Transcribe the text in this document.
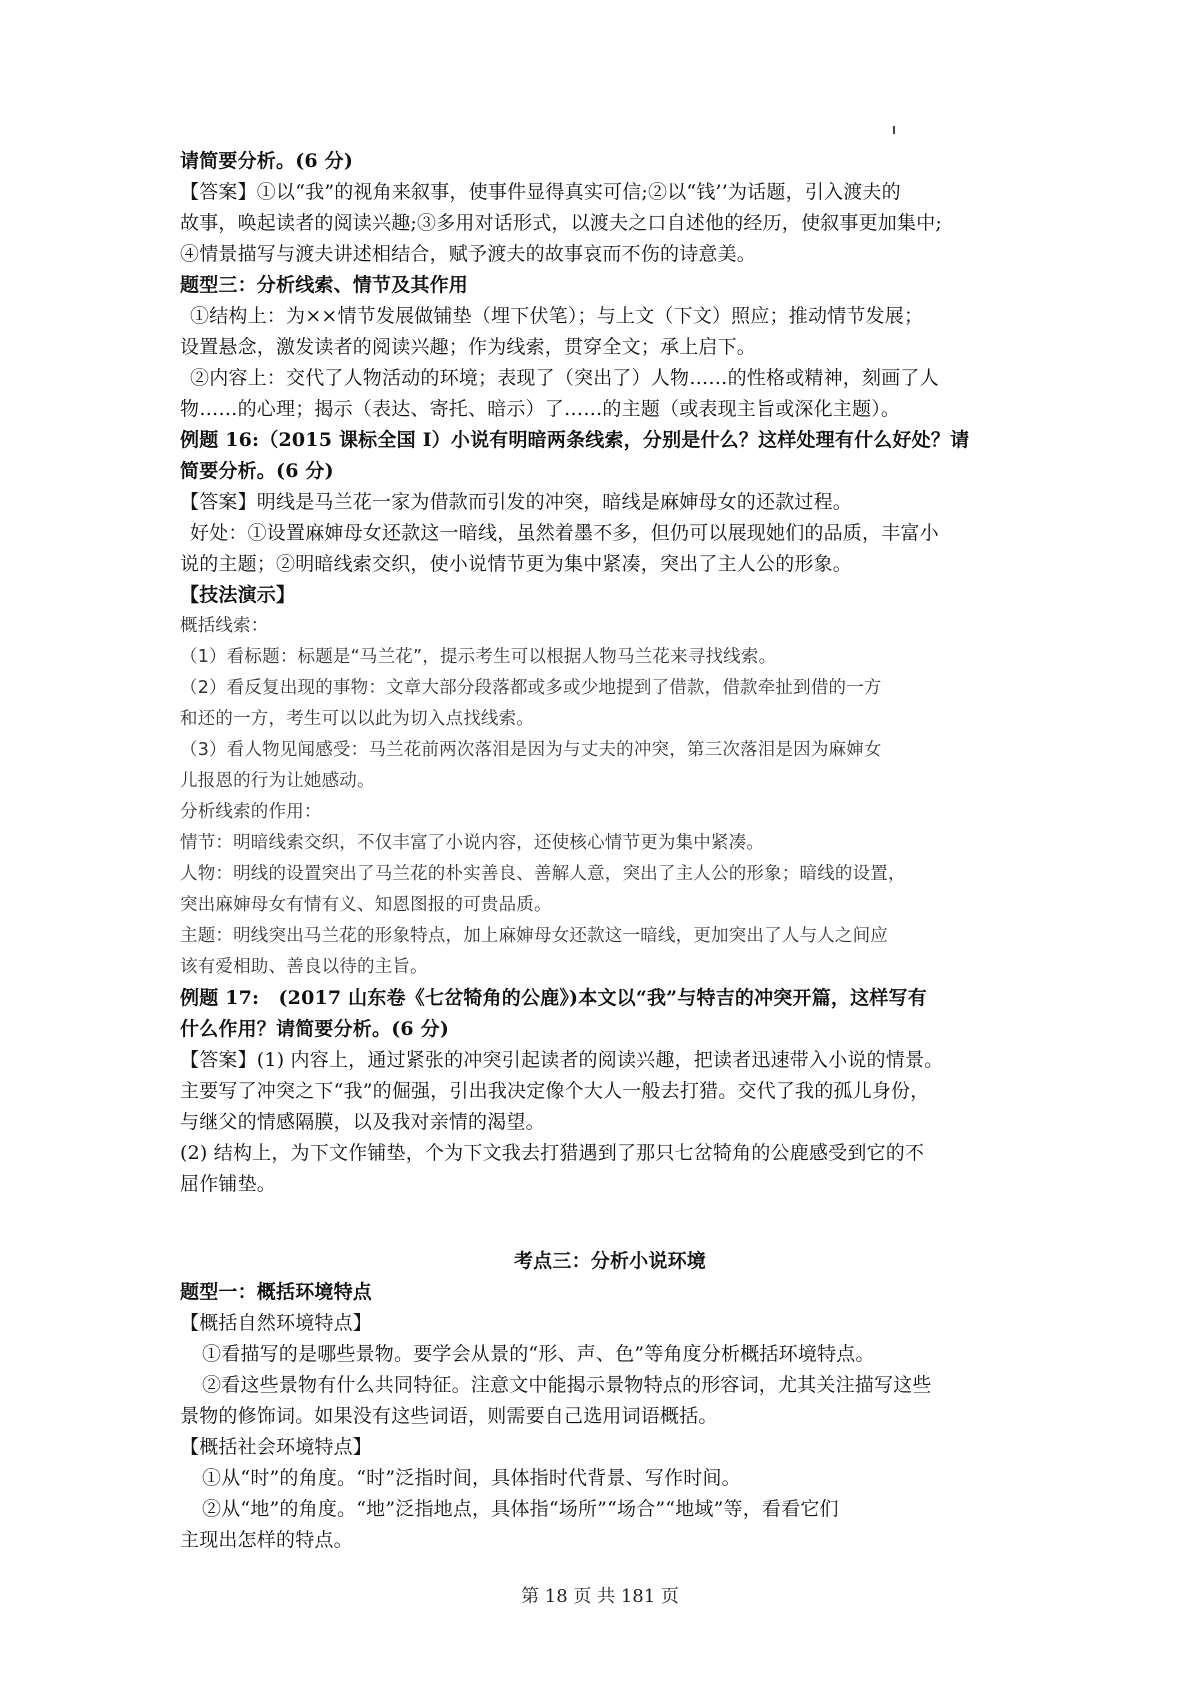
请简要分析。(6 分)
【答案】①以“我”的视角来叙事，使事件显得真实可信;②以“钱’’为话题，引入渡夫的
故事，唤起读者的阅读兴趣;③多用对话形式，以渡夫之口自述他的经历，使叙事更加集中;
④情景描写与渡夫讲述相结合，赋予渡夫的故事哀而不伤的诗意美。
题型三：分析线索、情节及其作用
①结构上：为××情节发展做铺垫（埋下伏笔）；与上文（下文）照应；推动情节发展；
设置悬念，激发读者的阅读兴趣；作为线索，贯穿全文；承上启下。
②内容上：交代了人物活动的环境；表现了（突出了）人物……的性格或精神，刻画了人
物……的心理；揭示（表达、寄托、暗示）了……的主题（或表现主旨或深化主题）。
例题 16:（2015 课标全国 I）小说有明暗两条线索，分别是什么？这样处理有什么好处？请
简要分析。(6 分)
【答案】明线是马兰花一家为借款而引发的冲突，暗线是麻婶母女的还款过程。
好处：①设置麻婶母女还款这一暗线，虽然着墨不多，但仍可以展现她们的品质，丰富小
说的主题；②明暗线索交织，使小说情节更为集中紧凑，突出了主人公的形象。
【技法演示】
概括线索：
（1）看标题：标题是“马兰花”，提示考生可以根据人物马兰花来寻找线索。
（2）看反复出现的事物：文章大部分段落都或多或少地提到了借款，借款牵扯到借的一方
和还的一方，考生可以以此为切入点找线索。
（3）看人物见闻感受：马兰花前两次落泪是因为与丈夫的冲突，第三次落泪是因为麻婶女
儿报恩的行为让她感动。
分析线索的作用：
情节：明暗线索交织，不仅丰富了小说内容，还使核心情节更为集中紧凑。
人物：明线的设置突出了马兰花的朴实善良、善解人意，突出了主人公的形象；暗线的设置，
突出麻婶母女有情有义、知恩图报的可贵品质。
主题：明线突出马兰花的形象特点，加上麻婶母女还款这一暗线，更加突出了人与人之间应
该有爱相助、善良以待的主旨。
例题 17:　(2017 山东卷《七岔犄角的公鹿》)本文以“我”与特吉的冲突开篇，这样写有
什么作用？请简要分析。(6 分)
【答案】(1) 内容上，通过紧张的冲突引起读者的阅读兴趣，把读者迅速带入小说的情景。
主要写了冲突之下“我”的倔强，引出我决定像个大人一般去打猎。交代了我的孤儿身份，
与继父的情感隔膜，以及我对亲情的渴望。
(2) 结构上，为下文作铺垫，个为下文我去打猎遇到了那只七岔犄角的公鹿感受到它的不
屈作铺垫。
考点三：分析小说环境
题型一：概括环境特点
【概括自然环境特点】
①看描写的是哪些景物。要学会从景的“形、声、色”等角度分析概括环境特点。
②看这些景物有什么共同特征。注意文中能揭示景物特点的形容词，尤其关注描写这些
景物的修饰词。如果没有这些词语，则需要自己选用词语概括。
【概括社会环境特点】
①从“时”的角度。“时”泛指时间，具体指时代背景、写作时间。
②从“地”的角度。“地”泛指地点，具体指“场所”“场合”“地域”等，看看它们
主现出怎样的特点。
第 18 页 共 181 页
